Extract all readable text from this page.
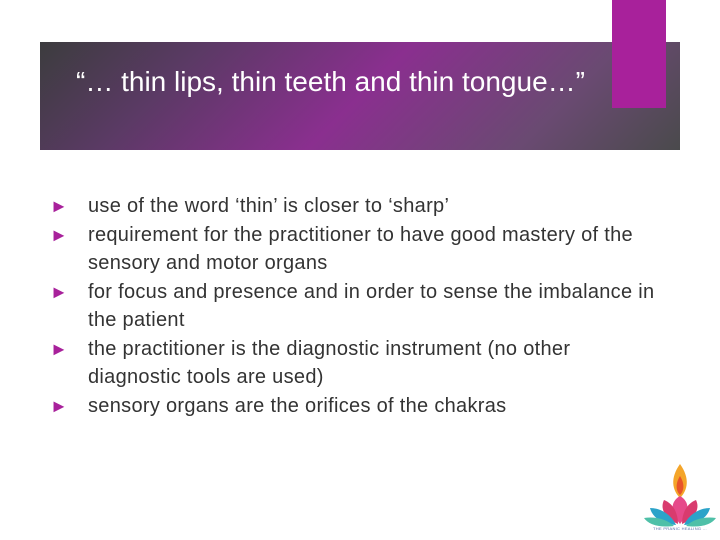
“… thin lips, thin teeth and thin tongue…”
► use of the word ‘thin’ is closer to ‘sharp’
► requirement for the practitioner to have good mastery of the sensory and motor organs
► for focus and presence and in order to sense the imbalance in the patient
► the practitioner is the diagnostic instrument (no other diagnostic tools are used)
► sensory organs are the orifices of the chakras
THE PRANIC HEALING ...
